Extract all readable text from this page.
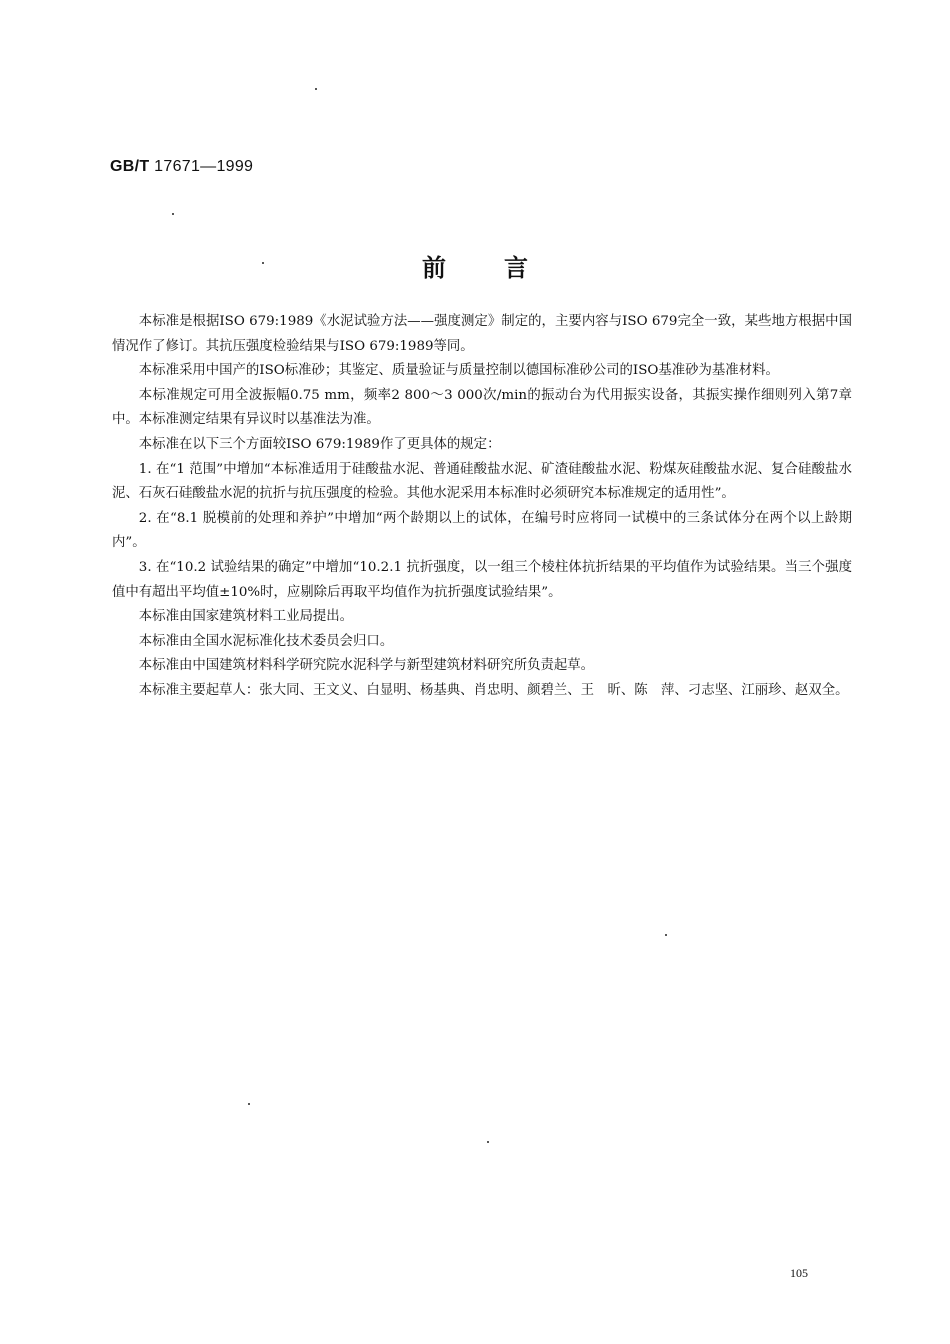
GB/T 17671—1999
前言

本标准是根据ISO 679:1989《水泥试验方法——强度测定》制定的，主要内容与ISO 679完全一致，某些地方根据中国情况作了修订。其抗压强度检验结果与ISO 679:1989等同。

本标准采用中国产的ISO标准砂；其鉴定、质量验证与质量控制以德国标准砂公司的ISO基准砂为基准材料。

本标准规定可用全波振幅0.75 mm，频率2 800～3 000次/min的振动台为代用振实设备，其振实操作细则列入第7章中。本标准测定结果有异议时以基准法为准。

本标准在以下三个方面较ISO 679:1989作了更具体的规定：

1. 在“1 范围”中增加“本标准适用于硅酸盐水泥、普通硅酸盐水泥、矿渣硅酸盐水泥、粉煤灰硅酸盐水泥、复合硅酸盐水泥、石灰石硅酸盐水泥的抗折与抗压强度的检验。其他水泥采用本标准时必须研究本标准规定的适用性”。

2. 在“8.1 脱模前的处理和养护”中增加“两个龄期以上的试体，在编号时应将同一试模中的三条试体分在两个以上龄期内”。

3. 在“10.2 试验结果的确定”中增加“10.2.1 抗折强度，以一组三个棱柱体抗折结果的平均值作为试验结果。当三个强度值中有超出平均值±10%时，应剔除后再取平均值作为抗折强度试验结果”。

本标准由国家建筑材料工业局提出。

本标准由全国水泥标准化技术委员会归口。

本标准由中国建筑材料科学研究院水泥科学与新型建筑材料研究所负责起草。

本标准主要起草人：张大同、王文义、白显明、杨基典、肖忠明、颜碧兰、王　昕、陈　萍、刁志坚、江丽珍、赵双全。

105
